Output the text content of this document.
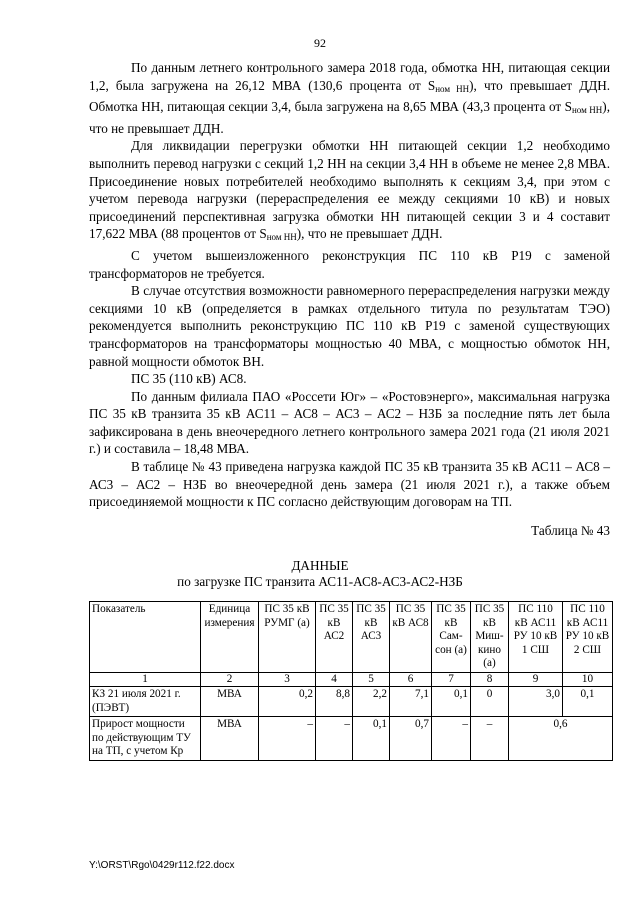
92

По данным летнего контрольного замера 2018 года, обмотка НН, питающая секции 1,2, была загружена на 26,12 МВА (130,6 процента от $S_{ном НН}$), что превышает ДДН. Обмотка НН, питающая секции 3,4, была загружена на 8,65 МВА (43,3 процента от $S_{ном НН}$), что не превышает ДДН.

Для ликвидации перегрузки обмотки НН питающей секции 1,2 необходимо выполнить перевод нагрузки с секций 1,2 НН на секции 3,4 НН в объеме не менее 2,8 МВА. Присоединение новых потребителей необходимо выполнять к секциям 3,4, при этом с учетом перевода нагрузки (перераспределения ее между секциями 10 кВ) и новых присоединений перспективная загрузка обмотки НН питающей секции 3 и 4 составит 17,622 МВА (88 процентов от $S_{ном НН}$), что не превышает ДДН.

С учетом вышеизложенного реконструкция ПС 110 кВ Р19 с заменой трансформаторов не требуется.

В случае отсутствия возможности равномерного перераспределения нагрузки между секциями 10 кВ (определяется в рамках отдельного титула по результатам ТЭО) рекомендуется выполнить реконструкцию ПС 110 кВ Р19 с заменой существующих трансформаторов на трансформаторы мощностью 40 МВА, с мощностью обмоток НН, равной мощности обмоток ВН.

ПС 35 (110 кВ) АС8.

По данным филиала ПАО «Россети Юг» – «Ростовэнерго», максимальная нагрузка ПС 35 кВ транзита 35 кВ АС11 – АС8 – АС3 – АС2 – НЗБ за последние пять лет была зафиксирована в день внеочередного летнего контрольного замера 2021 года (21 июля 2021 г.) и составила – 18,48 МВА.

В таблице № 43 приведена нагрузка каждой ПС 35 кВ транзита 35 кВ АС11 – АС8 – АС3 – АС2 – НЗБ во внеочередной день замера (21 июля 2021 г.), а также объем присоединяемой мощности к ПС согласно действующим договорам на ТП.

Таблица № 43
ДАННЫЕ
по загрузке ПС транзита АС11-АС8-АС3-АС2-НЗБ
Показатель	Единица измерения	ПС 35 кВ РУМГ (а)	ПС 35 кВ АС2	ПС 35 кВ АС3	ПС 35 кВ АС8	ПС 35 кВ Сам-сон (а)	ПС 35 кВ Миш-кино (а)	ПС 110 кВ АС11 РУ 10 кВ 1 СШ	ПС 110 кВ АС11 РУ 10 кВ 2 СШ
1	2	3	4	5	6	7	8	9	10
КЗ 21 июля 2021 г. (ПЭВТ)	МВА	0,2	8,8	2,2	7,1	0,1	0	3,0	0,1
Прирост мощности по действующим ТУ на ТП, с учетом Кр	МВА	–	–	0,1	0,7	–	–	0,6	
Y:\ORST\Rgo\0429r112.f22.docx
